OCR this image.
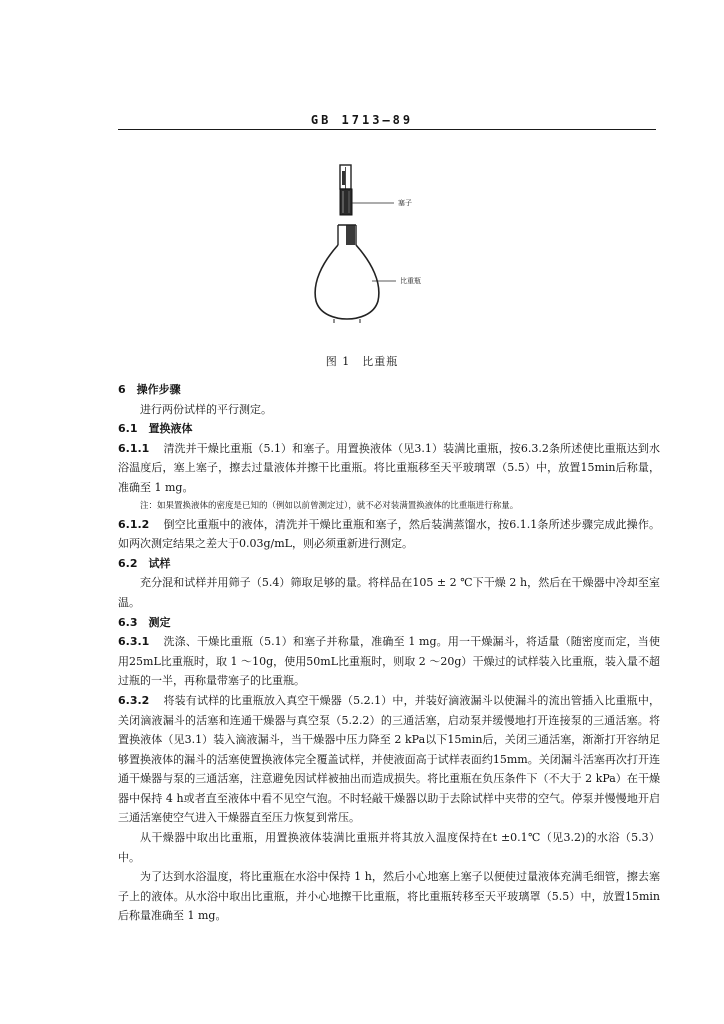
GB 1713—89
塞子
比重瓶
图 1　比重瓶
6　操作步骤

进行两份试样的平行测定。

6.1　置换液体

6.1.1 清洗并干燥比重瓶（5.1）和塞子。用置换液体（见3.1）装满比重瓶，按6.3.2条所述使比重瓶达到水浴温度后，塞上塞子，擦去过量液体并擦干比重瓶。将比重瓶移至天平玻璃罩（5.5）中，放置15min后称量，准确至 1 mg。

注：如果置换液体的密度是已知的（例如以前曾测定过），就不必对装满置换液体的比重瓶进行称量。

6.1.2 倒空比重瓶中的液体，清洗并干燥比重瓶和塞子，然后装满蒸馏水，按6.1.1条所述步骤完成此操作。如两次测定结果之差大于0.03g/mL，则必须重新进行测定。

6.2　试样

充分混和试样并用筛子（5.4）筛取足够的量。将样品在105 ± 2 ℃下干燥 2 h，然后在干燥器中冷却至室温。

6.3　测定

6.3.1 洗涤、干燥比重瓶（5.1）和塞子并称量，准确至 1 mg。用一干燥漏斗，将适量（随密度而定，当使用25mL比重瓶时，取 1 ～10g，使用50mL比重瓶时，则取 2 ～20g）干燥过的试样装入比重瓶，装入量不超过瓶的一半，再称量带塞子的比重瓶。

6.3.2 将装有试样的比重瓶放入真空干燥器（5.2.1）中，并装好滴液漏斗以使漏斗的流出管插入比重瓶中，关闭滴液漏斗的活塞和连通干燥器与真空泵（5.2.2）的三通活塞，启动泵并缓慢地打开连接泵的三通活塞。将置换液体（见3.1）装入滴液漏斗，当干燥器中压力降至 2 kPa以下15min后，关闭三通活塞，渐渐打开容纳足够置换液体的漏斗的活塞使置换液体完全覆盖试样，并使液面高于试样表面约15mm。关闭漏斗活塞再次打开连通干燥器与泵的三通活塞，注意避免因试样被抽出而造成损失。将比重瓶在负压条件下（不大于 2 kPa）在干燥器中保持 4 h或者直至液体中看不见空气泡。不时轻敲干燥器以助于去除试样中夹带的空气。停泵并慢慢地开启三通活塞使空气进入干燥器直至压力恢复到常压。

从干燥器中取出比重瓶，用置换液体装满比重瓶并将其放入温度保持在t ±0.1℃（见3.2)的水浴（5.3）中。

为了达到水浴温度，将比重瓶在水浴中保持 1 h，然后小心地塞上塞子以便使过量液体充满毛细管，擦去塞子上的液体。从水浴中取出比重瓶，并小心地擦干比重瓶，将比重瓶转移至天平玻璃罩（5.5）中，放置15min后称量准确至 1 mg。
